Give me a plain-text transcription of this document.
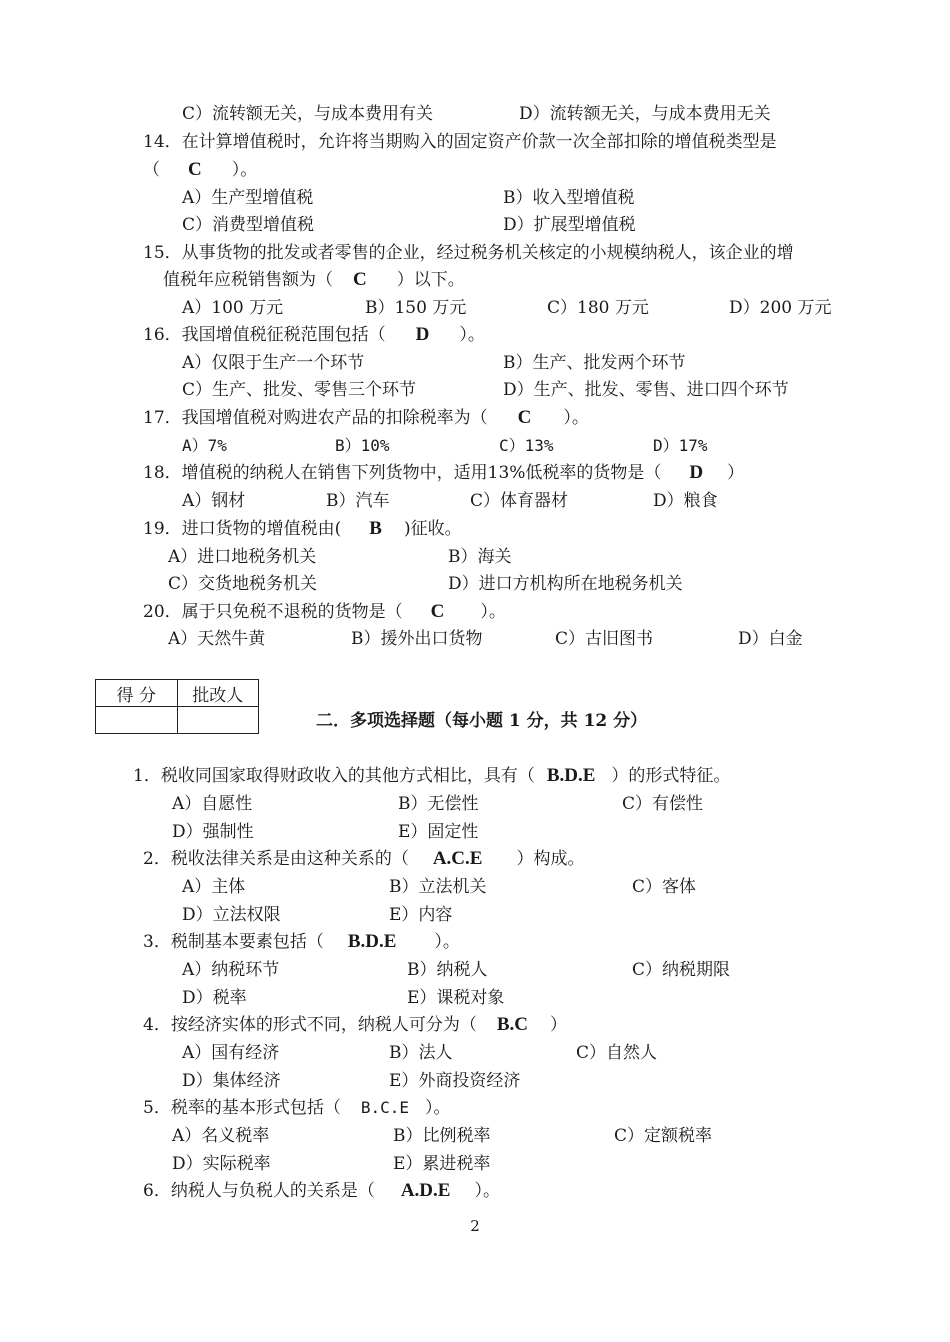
C）流转额无关，与成本费用有关	D）流转额无关，与成本费用无关
14．在计算增值税时，允许将当期购入的固定资产价款一次全部扣除的增值税类型是
（ C ）。
A）生产型增值税	B）收入型增值税
C）消费型增值税	D）扩展型增值税
15．从事货物的批发或者零售的企业，经过税务机关核定的小规模纳税人，该企业的增
值税年应税销售额为（ C ）以下。
A）100 万元	B）150 万元	C）180 万元	D）200 万元
16．我国增值税征税范围包括（ D ）。
A）仅限于生产一个环节	B）生产、批发两个环节
C）生产、批发、零售三个环节	D）生产、批发、零售、进口四个环节
17．我国增值税对购进农产品的扣除税率为（ C ）。
A）7%	B）10%	C）13%	D）17%
18．增值税的纳税人在销售下列货物中，适用13%低税率的货物是（ D ）
A）钢材	B）汽车	C）体育器材	D）粮食
19．进口货物的增值税由( B )征收。
A）进口地税务机关	B）海关
C）交货地税务机关	D）进口方机构所在地税务机关
20．属于只免税不退税的货物是（ C ）。
A）天然牛黄	B）援外出口货物	C）古旧图书	D）白金
得 分	批改人

二．多项选择题（每小题 1 分，共 12 分）
1．税收同国家取得财政收入的其他方式相比，具有（ B.D.E ）的形式特征。
A）自愿性	B）无偿性	C）有偿性
D）强制性	E）固定性
2．税收法律关系是由这种关系的（ A.C.E ）构成。
A）主体	B）立法机关	C）客体
D）立法权限	E）内容
3．税制基本要素包括（ B.D.E ）。
A）纳税环节	B）纳税人	C）纳税期限
D）税率	E）课税对象
4．按经济实体的形式不同，纳税人可分为（ B.C ）
A）国有经济	B）法人	C）自然人
D）集体经济	E）外商投资经济
5．税率的基本形式包括（ B.C.E ）。
A）名义税率	B）比例税率	C）定额税率
D）实际税率	E）累进税率
6．纳税人与负税人的关系是（ A.D.E ）。
2
